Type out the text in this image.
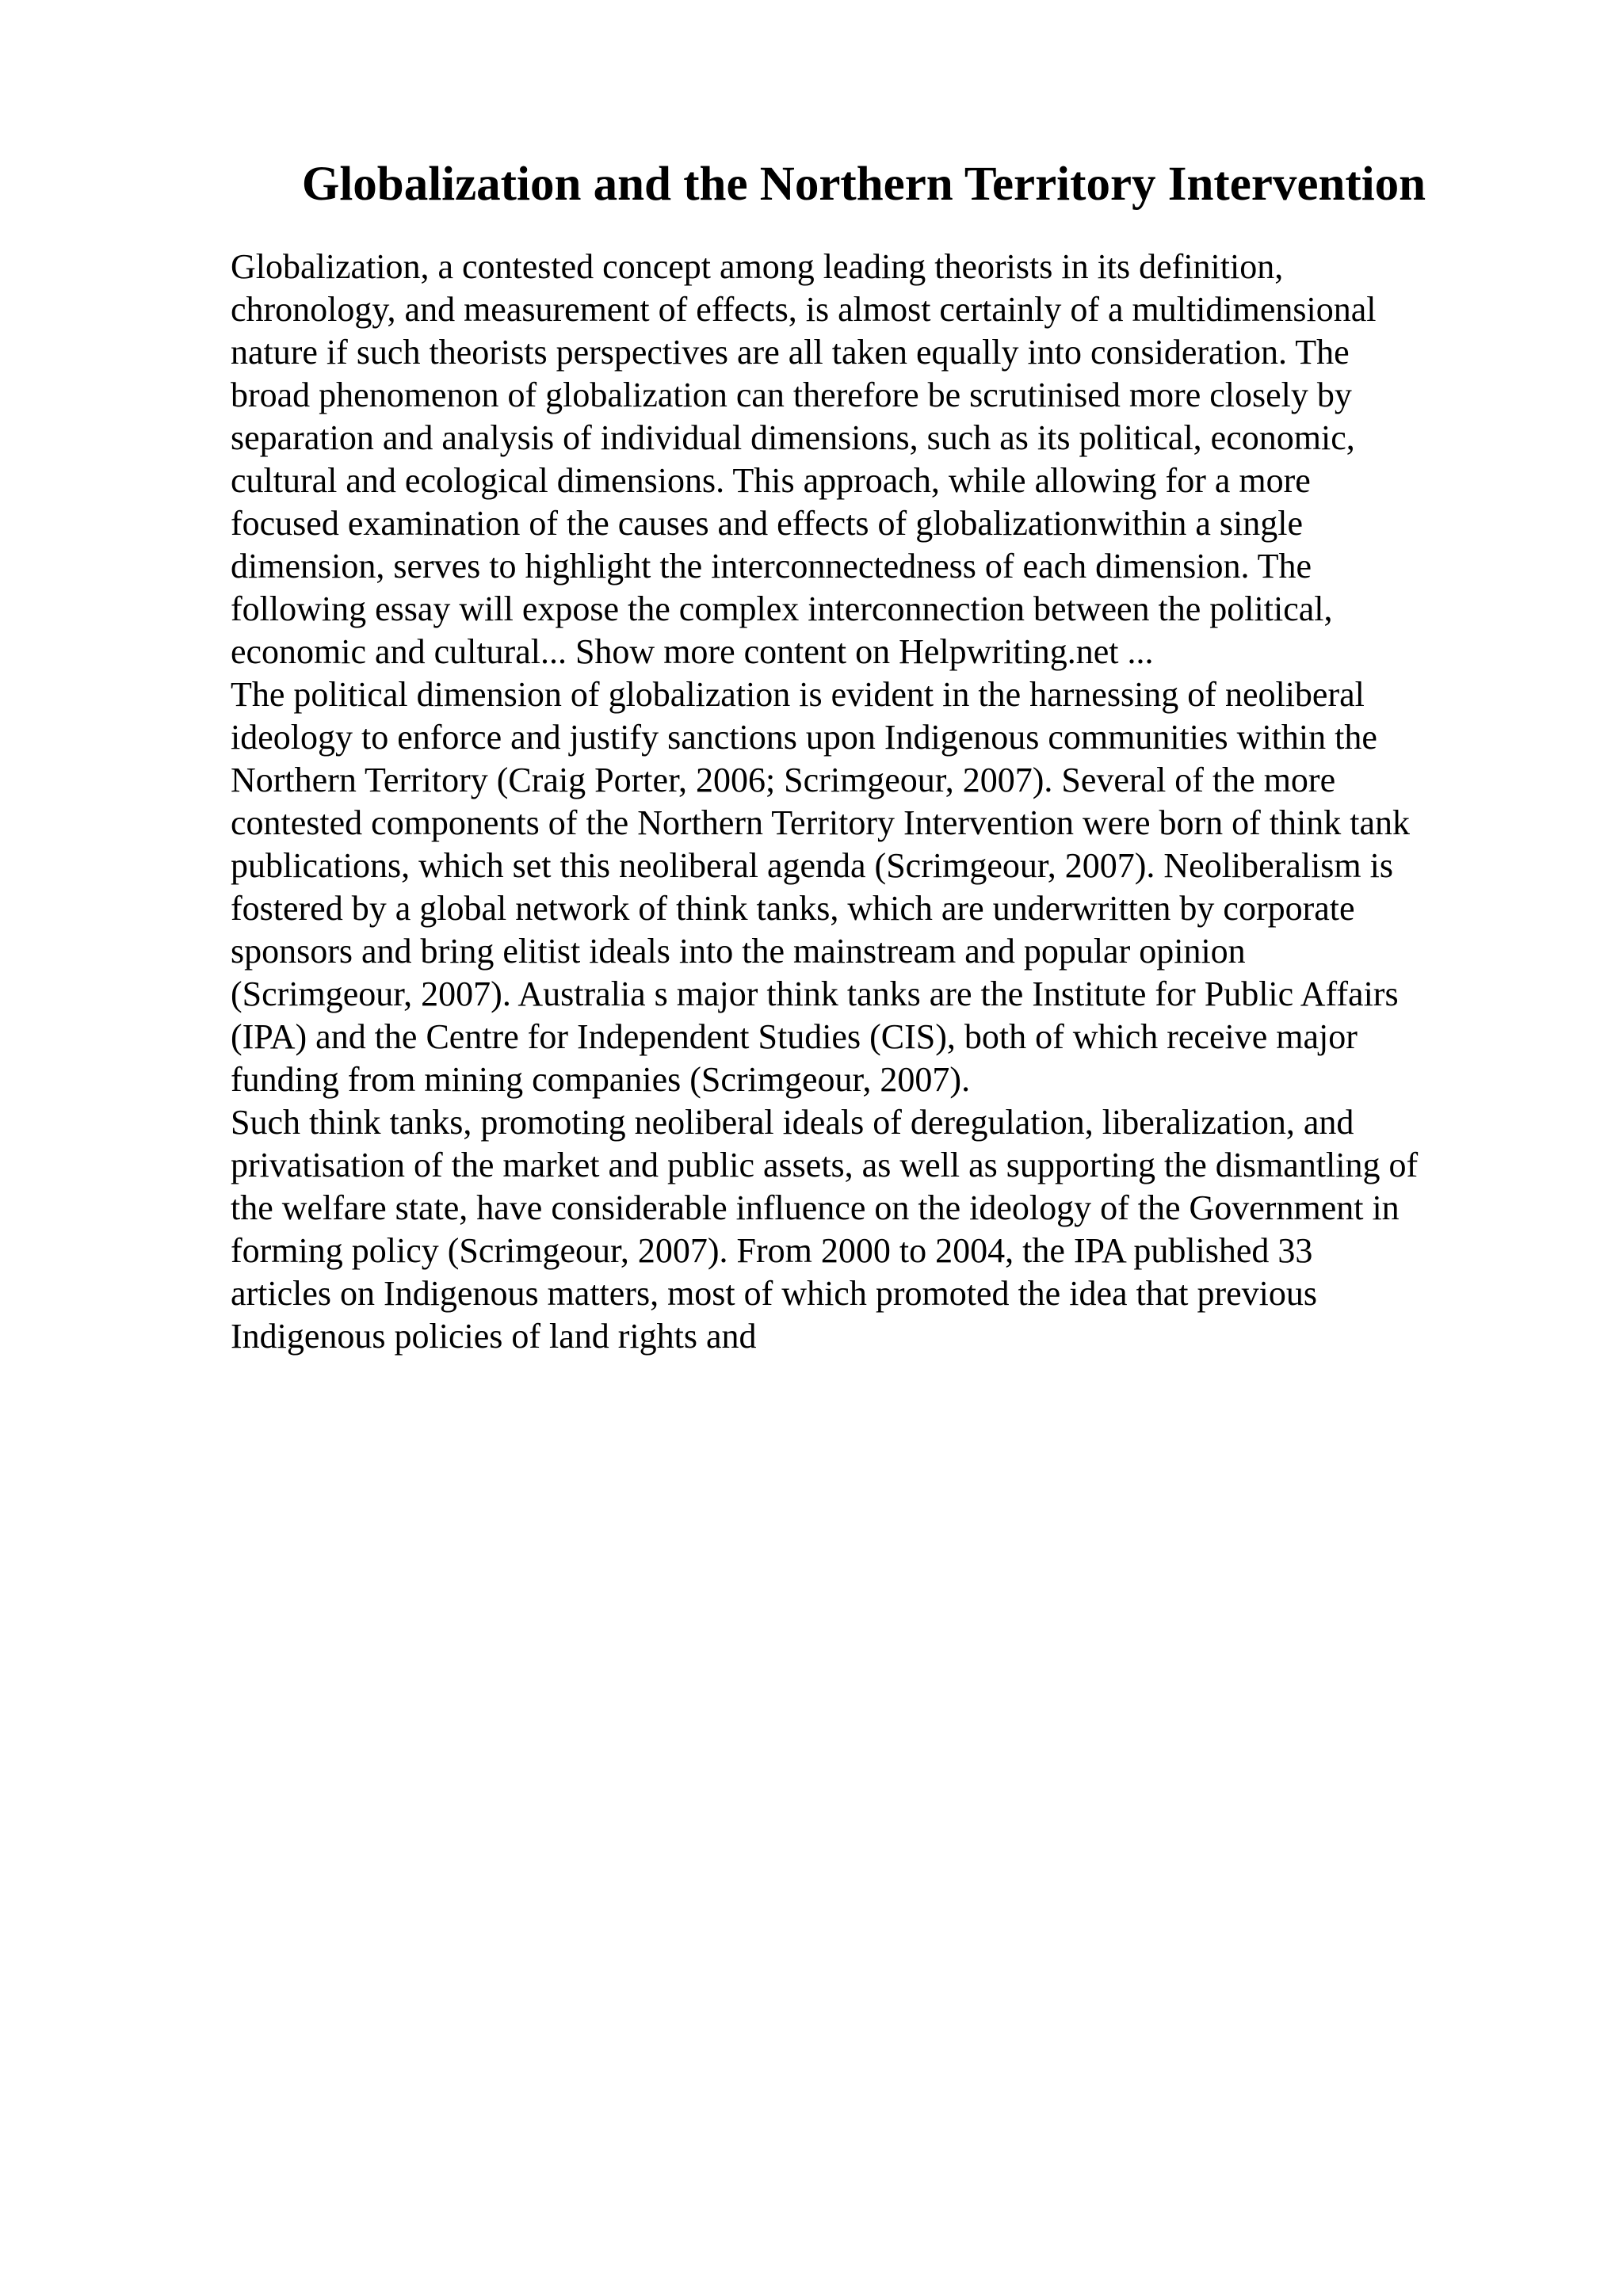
Globalization and the Northern Territory Intervention
Globalization, a contested concept among leading theorists in its definition,
chronology, and measurement of effects, is almost certainly of a multidimensional
nature if such theorists perspectives are all taken equally into consideration. The
broad phenomenon of globalization can therefore be scrutinised more closely by
separation and analysis of individual dimensions, such as its political, economic,
cultural and ecological dimensions. This approach, while allowing for a more
focused examination of the causes and effects of globalizationwithin a single
dimension, serves to highlight the interconnectedness of each dimension. The
following essay will expose the complex interconnection between the political,
economic and cultural... Show more content on Helpwriting.net ...
The political dimension of globalization is evident in the harnessing of neoliberal
ideology to enforce and justify sanctions upon Indigenous communities within the
Northern Territory (Craig Porter, 2006; Scrimgeour, 2007). Several of the more
contested components of the Northern Territory Intervention were born of think tank
publications, which set this neoliberal agenda (Scrimgeour, 2007). Neoliberalism is
fostered by a global network of think tanks, which are underwritten by corporate
sponsors and bring elitist ideals into the mainstream and popular opinion
(Scrimgeour, 2007). Australia s major think tanks are the Institute for Public Affairs
(IPA) and the Centre for Independent Studies (CIS), both of which receive major
funding from mining companies (Scrimgeour, 2007).
Such think tanks, promoting neoliberal ideals of deregulation, liberalization, and
privatisation of the market and public assets, as well as supporting the dismantling of
the welfare state, have considerable influence on the ideology of the Government in
forming policy (Scrimgeour, 2007). From 2000 to 2004, the IPA published 33
articles on Indigenous matters, most of which promoted the idea that previous
Indigenous policies of land rights and
